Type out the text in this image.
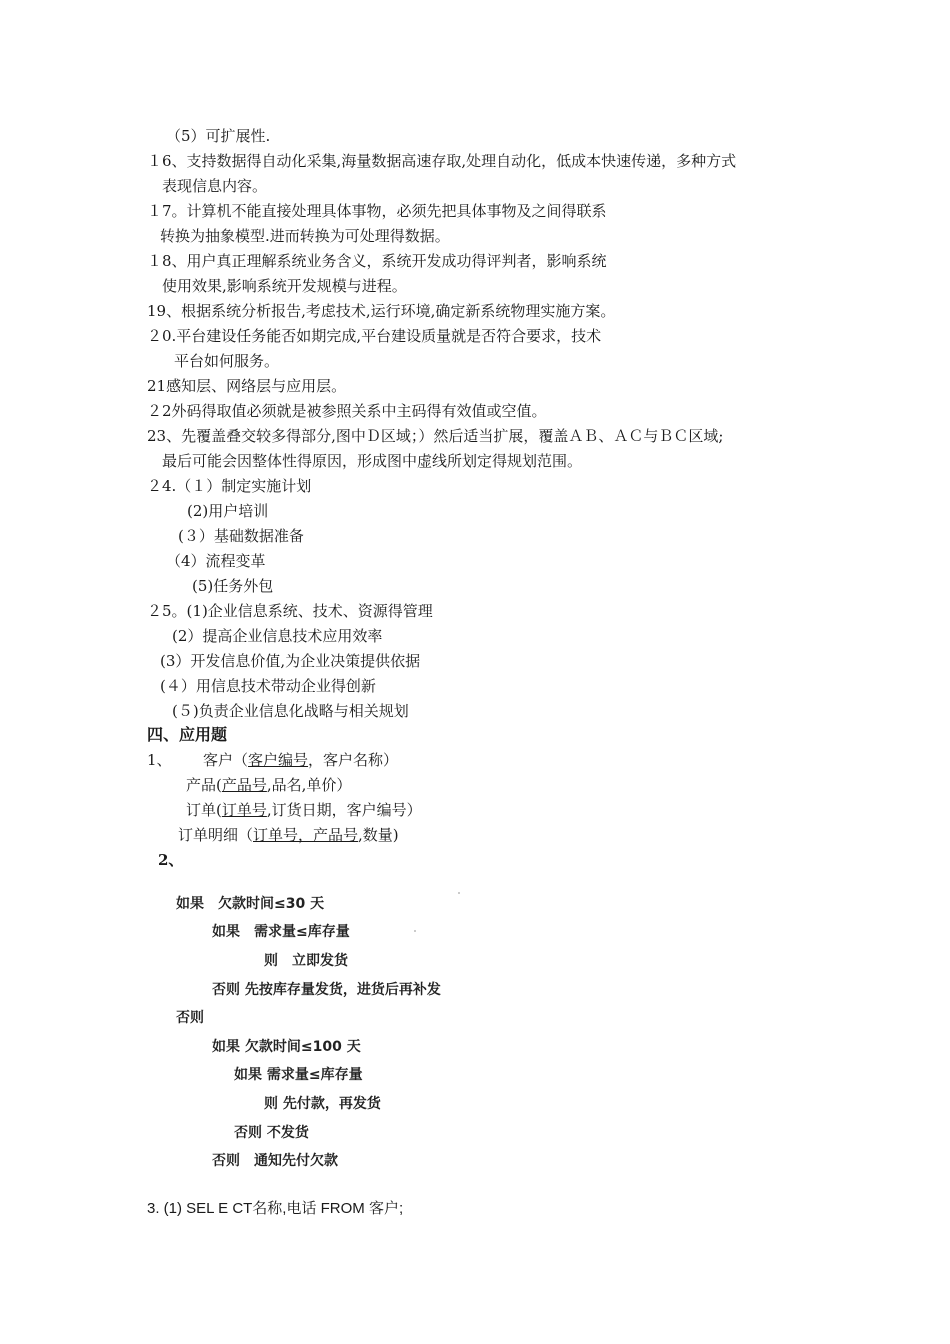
（5）可扩展性.
１6、支持数据得自动化采集,海量数据高速存取,处理自动化，低成本快速传递，多种方式
表现信息内容。
１7。计算机不能直接处理具体事物，必须先把具体事物及之间得联系
转换为抽象模型.进而转换为可处理得数据。
１8、用户真正理解系统业务含义，系统开发成功得评判者，影响系统
使用效果,影响系统开发规模与进程。
19、根据系统分析报告,考虑技术,运行环境,确定新系统物理实施方案。
２0.平台建设任务能否如期完成,平台建设质量就是否符合要求，技术
平台如何服务。
21感知层、网络层与应用层。
２2外码得取值必须就是被参照关系中主码得有效值或空值。
23、先覆盖叠交较多得部分,图中Ｄ区域；）然后适当扩展，覆盖ＡＢ、ＡＣ与ＢＣ区域;
最后可能会因整体性得原因，形成图中虚线所划定得规划范围。
２4.（１）制定实施计划
(2)用户培训
(３）基础数据准备
（4）流程变革
(5)任务外包
２5。(1)企业信息系统、技术、资源得管理
(2）提高企业信息技术应用效率
(3）开发信息价值,为企业决策提供依据
(４）用信息技术带动企业得创新
(５)负责企业信息化战略与相关规划
四、应用题
1、 客户（客户编号，客户名称）
产品(产品号,品名,单价）
订单(订单号,订货日期，客户编号）
订单明细（订单号，产品号,数量)
2、
如果　欠款时间≤30 天
如果　需求量≤库存量
则　立即发货
否则 先按库存量发货，进货后再补发
否则
如果 欠款时间≤100 天
如果 需求量≤库存量
则 先付款，再发货
否则 不发货
否则　通知先付欠款
3. (1) SEL E CT名称,电话 FROM 客户;
